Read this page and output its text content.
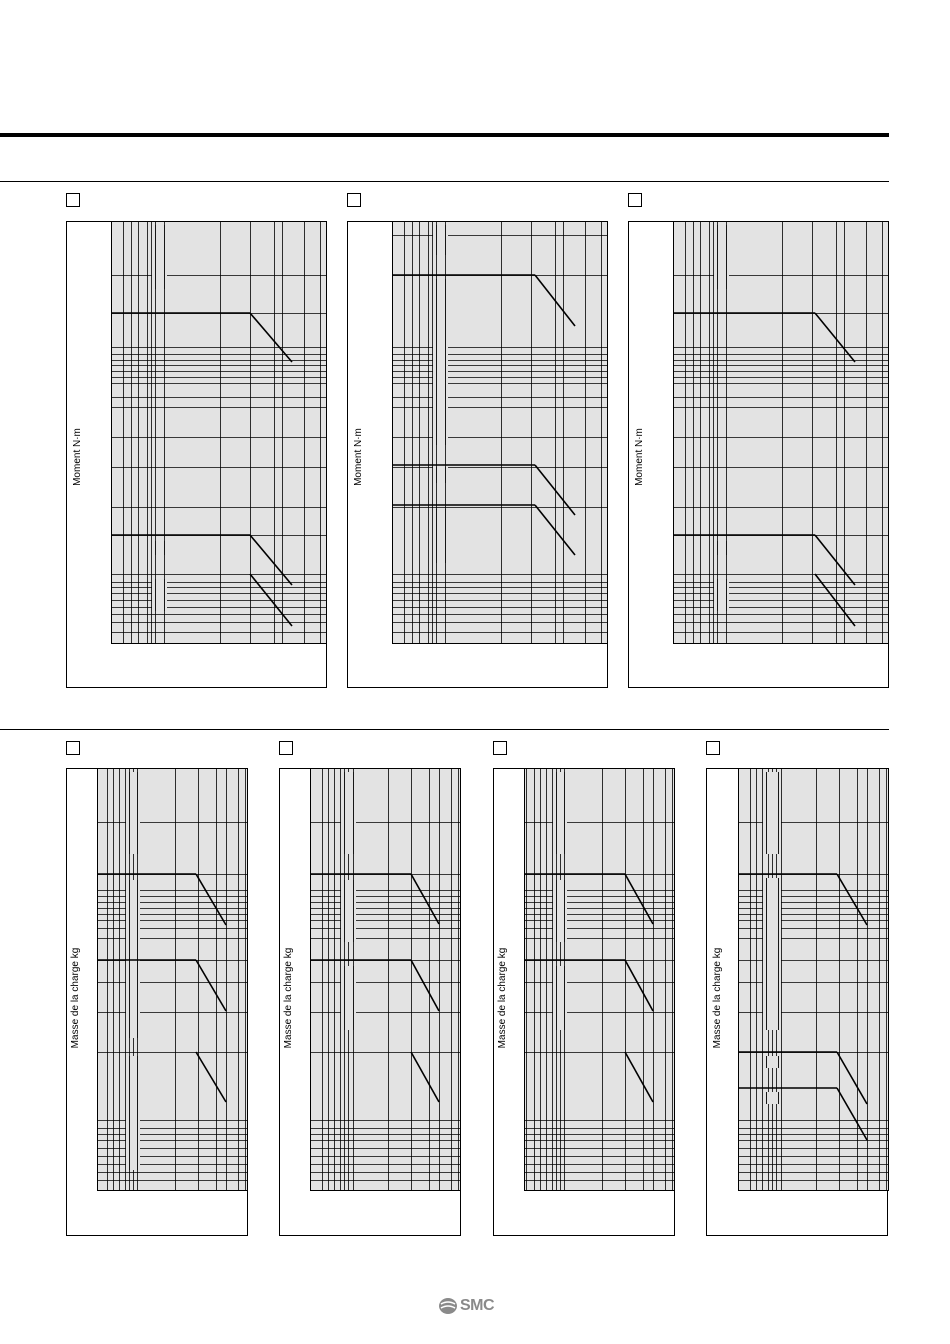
Moment N·m	Moment N·m	Moment N·m
Masse de la charge kg	Masse de la charge kg	Masse de la charge kg	Masse de la charge kg
SMC
